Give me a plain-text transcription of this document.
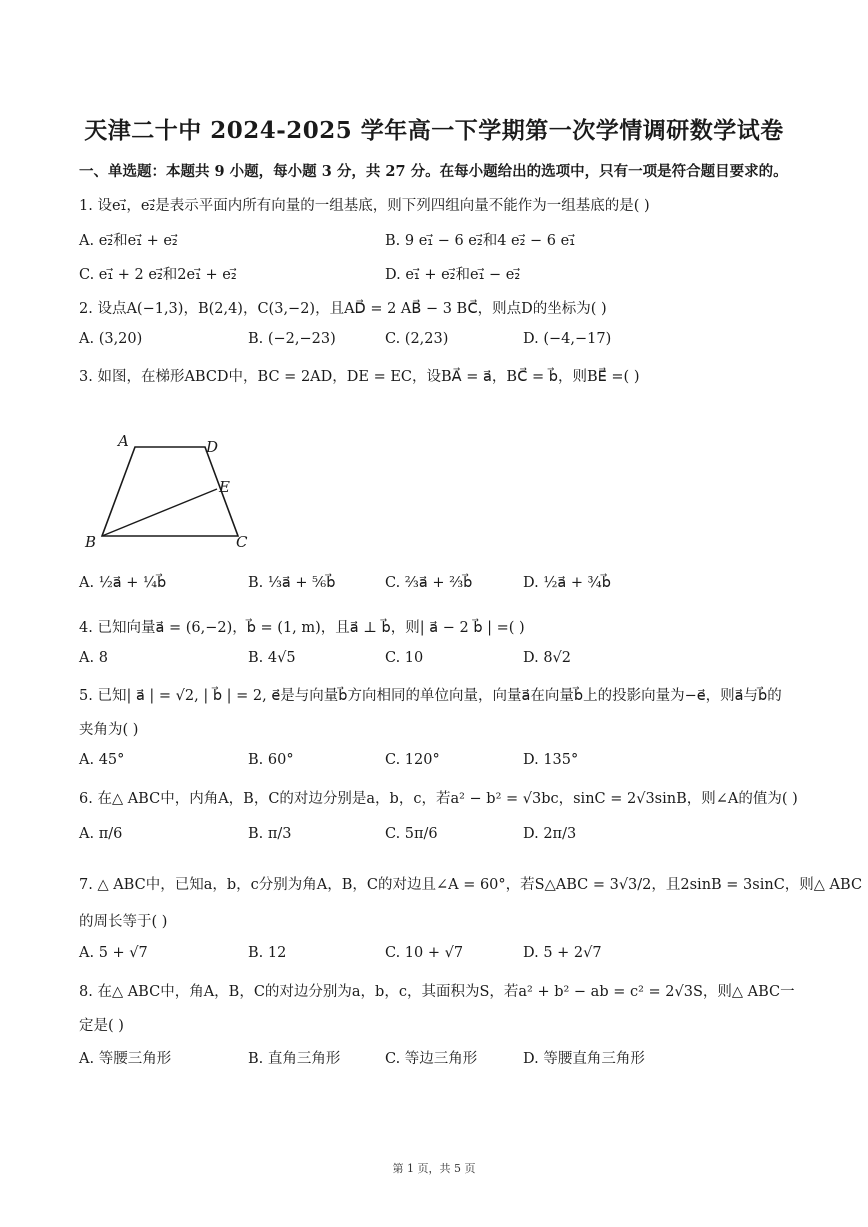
天津二十中 2024-2025 学年高一下学期第一次学情调研数学试卷
一、单选题：本题共 9 小题，每小题 3 分，共 27 分。在每小题给出的选项中，只有一项是符合题目要求的。
1. 设e₁⃗，e₂⃗是表示平面内所有向量的一组基底，则下列四组向量不能作为一组基底的是( )
A. e₂⃗和e₁⃗ + e₂⃗	B. 9 e₁⃗ − 6 e₂⃗和4 e₂⃗ − 6 e₁⃗
C. e₁⃗ + 2 e₂⃗和2e₁⃗ + e₂⃗	D. e₁⃗ + e₂⃗和e₁⃗ − e₂⃗
2. 设点A(−1,3)，B(2,4)，C(3,−2)，且AD⃗ = 2 AB⃗ − 3 BC⃗，则点D的坐标为( )
A. (3,20)	B. (−2,−23)	C. (2,23)	D. (−4,−17)
3. 如图，在梯形ABCD中，BC = 2AD，DE = EC，设BA⃗ = a⃗，BC⃗ = b⃗，则BE⃗ =( )
A	D
E
B	C
A. ½a⃗ + ¼b⃗	B. ⅓a⃗ + ⅚b⃗	C. ⅔a⃗ + ⅔b⃗	D. ½a⃗ + ¾b⃗
4. 已知向量a⃗ = (6,−2)，b⃗ = (1, m)，且a⃗ ⊥ b⃗，则| a⃗ − 2 b⃗ | =( )
A. 8	B. 4√5	C. 10	D. 8√2
5. 已知| a⃗ | = √2, | b⃗ | = 2, e⃗是与向量b⃗方向相同的单位向量，向量a⃗在向量b⃗上的投影向量为−e⃗，则a⃗与b⃗的
夹角为( )
A. 45°	B. 60°	C. 120°	D. 135°
6. 在△ ABC中，内角A，B，C的对边分别是a，b，c，若a² − b² = √3bc，sinC = 2√3sinB，则∠A的值为( )
A. π/6	B. π/3	C. 5π/6	D. 2π/3
7. △ ABC中，已知a，b，c分别为角A，B，C的对边且∠A = 60°，若S△ABC = 3√3/2，且2sinB = 3sinC，则△ ABC
的周长等于( )
A. 5 + √7	B. 12	C. 10 + √7	D. 5 + 2√7
8. 在△ ABC中，角A，B，C的对边分别为a，b，c，其面积为S，若a² + b² − ab = c² = 2√3S，则△ ABC一
定是( )
A. 等腰三角形	B. 直角三角形	C. 等边三角形	D. 等腰直角三角形
第 1 页，共 5 页
